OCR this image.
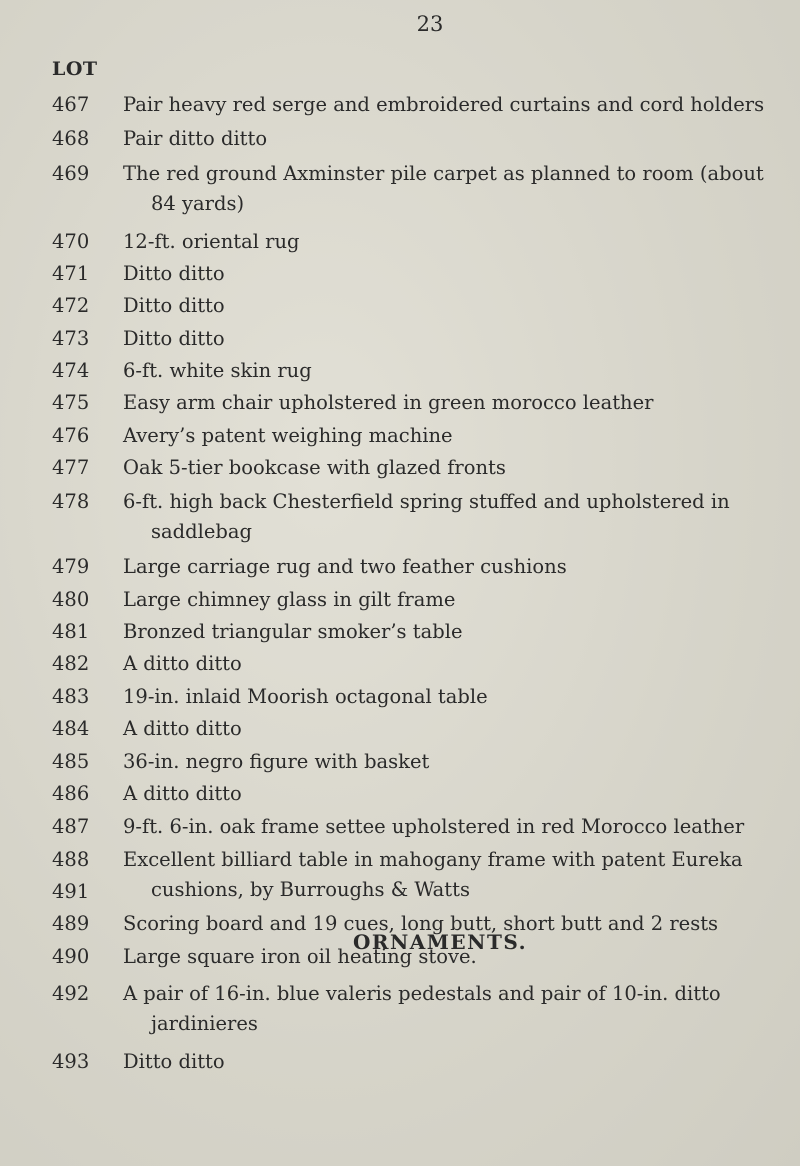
23
LOT
467	Pair heavy red serge and embroidered curtains and cord holders
468	Pair ditto ditto
469	The red ground Axminster pile carpet as planned to room (about
84 yards)
470	12-ft. oriental rug
471	Ditto ditto
472	Ditto ditto
473	Ditto ditto
474	6-ft. white skin rug
475	Easy arm chair upholstered in green morocco leather
476	Avery’s patent weighing machine
477	Oak 5-tier bookcase with glazed fronts
478	6-ft. high back Chesterfield spring stuffed and upholstered in
saddlebag
479	Large carriage rug and two feather cushions
480	Large chimney glass in gilt frame
481	Bronzed triangular smoker’s table
482	A ditto ditto
483	19-in. inlaid Moorish octagonal table
484	A ditto ditto
485	36-in. negro figure with basket
486	A ditto ditto
487	9-ft. 6-in. oak frame settee upholstered in red Morocco leather
488	Excellent billiard table in mahogany frame with patent Eureka
cushions, by Burroughs & Watts
489	Scoring board and 19 cues, long butt, short butt and 2 rests
490	Large square iron oil heating stove.
491
ORNAMENTS.
492	A pair of 16-in. blue valeris pedestals and pair of 10-in. ditto
jardinieres
493	Ditto ditto
